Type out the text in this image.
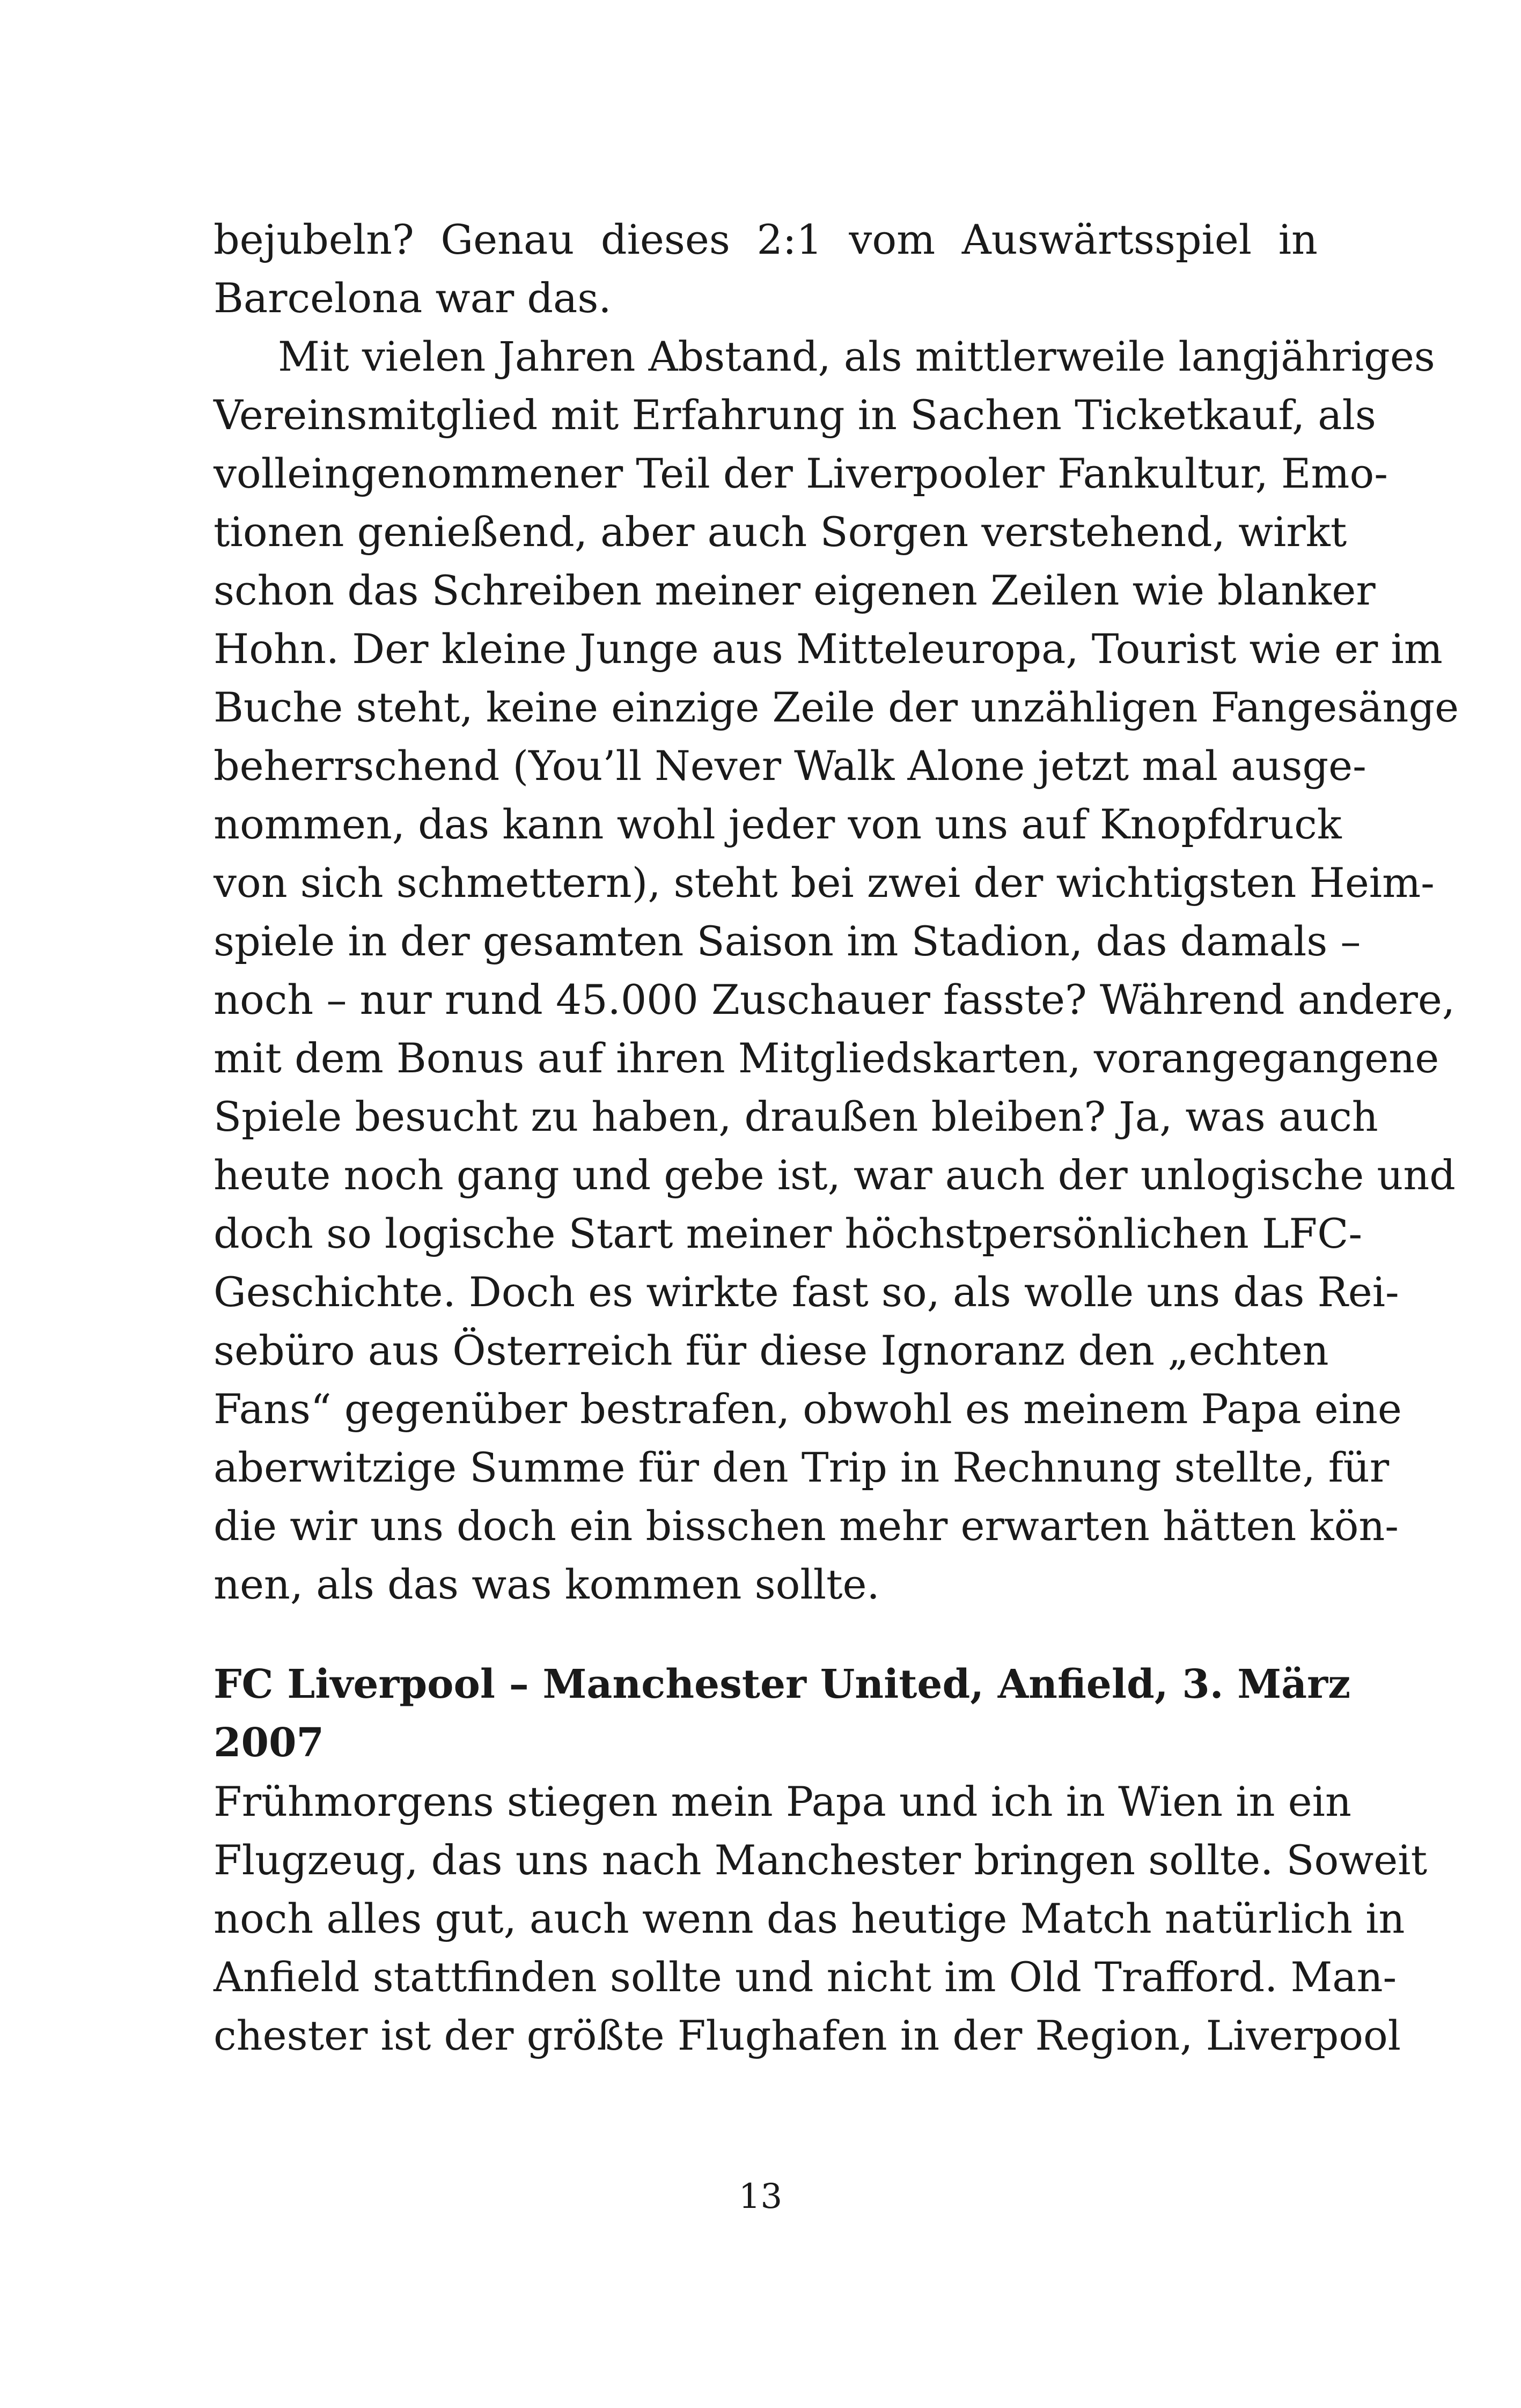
bejubeln? Genau dieses 2:1 vom Auswärtsspiel in
Barcelona war das.
Mit vielen Jahren Abstand, als mittlerweile langjähriges
Vereinsmitglied mit Erfahrung in Sachen Ticketkauf, als
volleingenommener Teil der Liverpooler Fankultur, Emo-
tionen genießend, aber auch Sorgen verstehend, wirkt
schon das Schreiben meiner eigenen Zeilen wie blanker
Hohn. Der kleine Junge aus Mitteleuropa, Tourist wie er im
Buche steht, keine einzige Zeile der unzähligen Fangesänge
beherrschend (You’ll Never Walk Alone jetzt mal ausge-
nommen, das kann wohl jeder von uns auf Knopfdruck
von sich schmettern), steht bei zwei der wichtigsten Heim-
spiele in der gesamten Saison im Stadion, das damals –
noch – nur rund 45.000 Zuschauer fasste? Während andere,
mit dem Bonus auf ihren Mitgliedskarten, vorangegangene
Spiele besucht zu haben, draußen bleiben? Ja, was auch
heute noch gang und gebe ist, war auch der unlogische und
doch so logische Start meiner höchstpersönlichen LFC-
Geschichte. Doch es wirkte fast so, als wolle uns das Rei-
sebüro aus Österreich für diese Ignoranz den „echten
Fans“ gegenüber bestrafen, obwohl es meinem Papa eine
aberwitzige Summe für den Trip in Rechnung stellte, für
die wir uns doch ein bisschen mehr erwarten hätten kön-
nen, als das was kommen sollte.
FC Liverpool – Manchester United, Anfield, 3. März
2007
Frühmorgens stiegen mein Papa und ich in Wien in ein
Flugzeug, das uns nach Manchester bringen sollte. Soweit
noch alles gut, auch wenn das heutige Match natürlich in
Anfield stattfinden sollte und nicht im Old Trafford. Man-
chester ist der größte Flughafen in der Region, Liverpool
13
